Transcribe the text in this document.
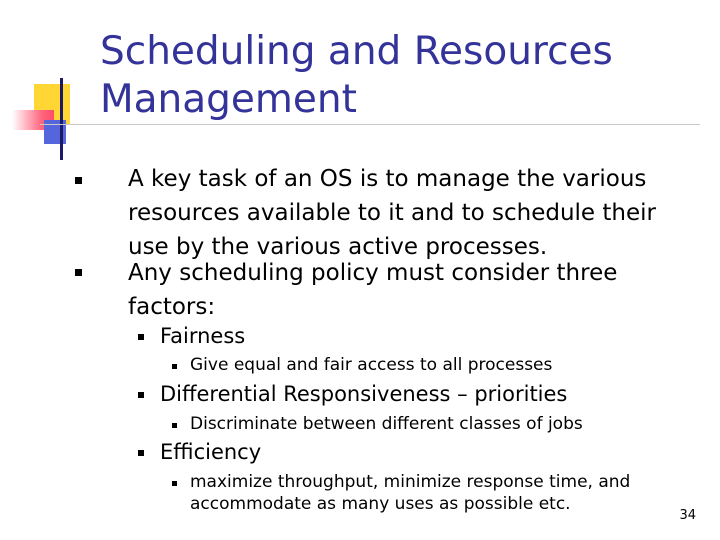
Scheduling and Resources Management
A key task of an OS is to manage the various resources available to it and to schedule their use by the various active processes.
Any scheduling policy must consider three factors:
Fairness
Give equal and fair access to all processes
Differential Responsiveness – priorities
Discriminate between different classes of jobs
Efficiency
maximize throughput, minimize response time, and accommodate as many uses as possible etc.
34
